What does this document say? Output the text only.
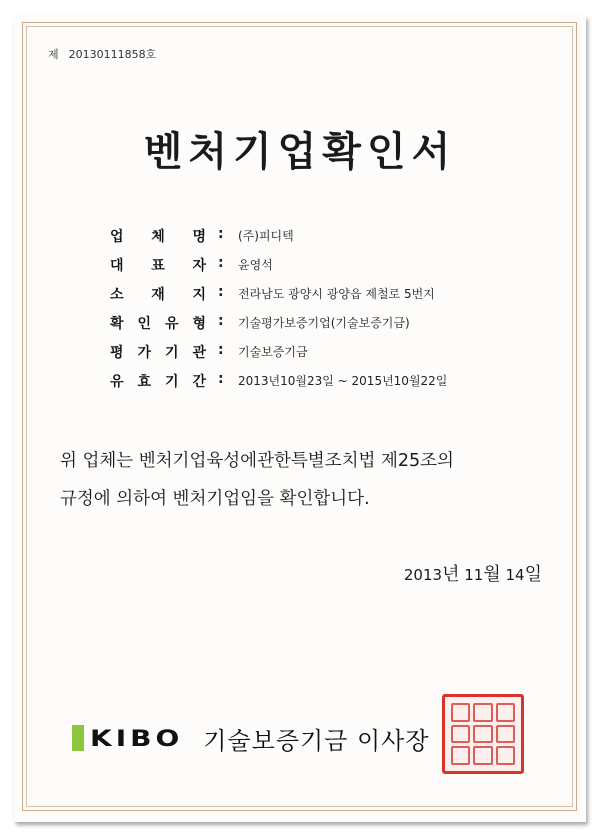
제 20130111858호
벤처기업확인서
업 체 명 : (주)피디텍
대 표 자 : 윤영석
소 재 지 : 전라남도 광양시 광양읍 제철로 5번지
확 인 유 형 : 기술평가보증기업(기술보증기금)
평 가 기 관 : 기술보증기금
유 효 기 간 : 2013년10월23일 ~ 2015년10월22일
위 업체는 벤처기업육성에관한특별조치법 제25조의
규정에 의하여 벤처기업임을 확인합니다.
2013년 11월 14일
KIBO 기술보증기금 이사장
